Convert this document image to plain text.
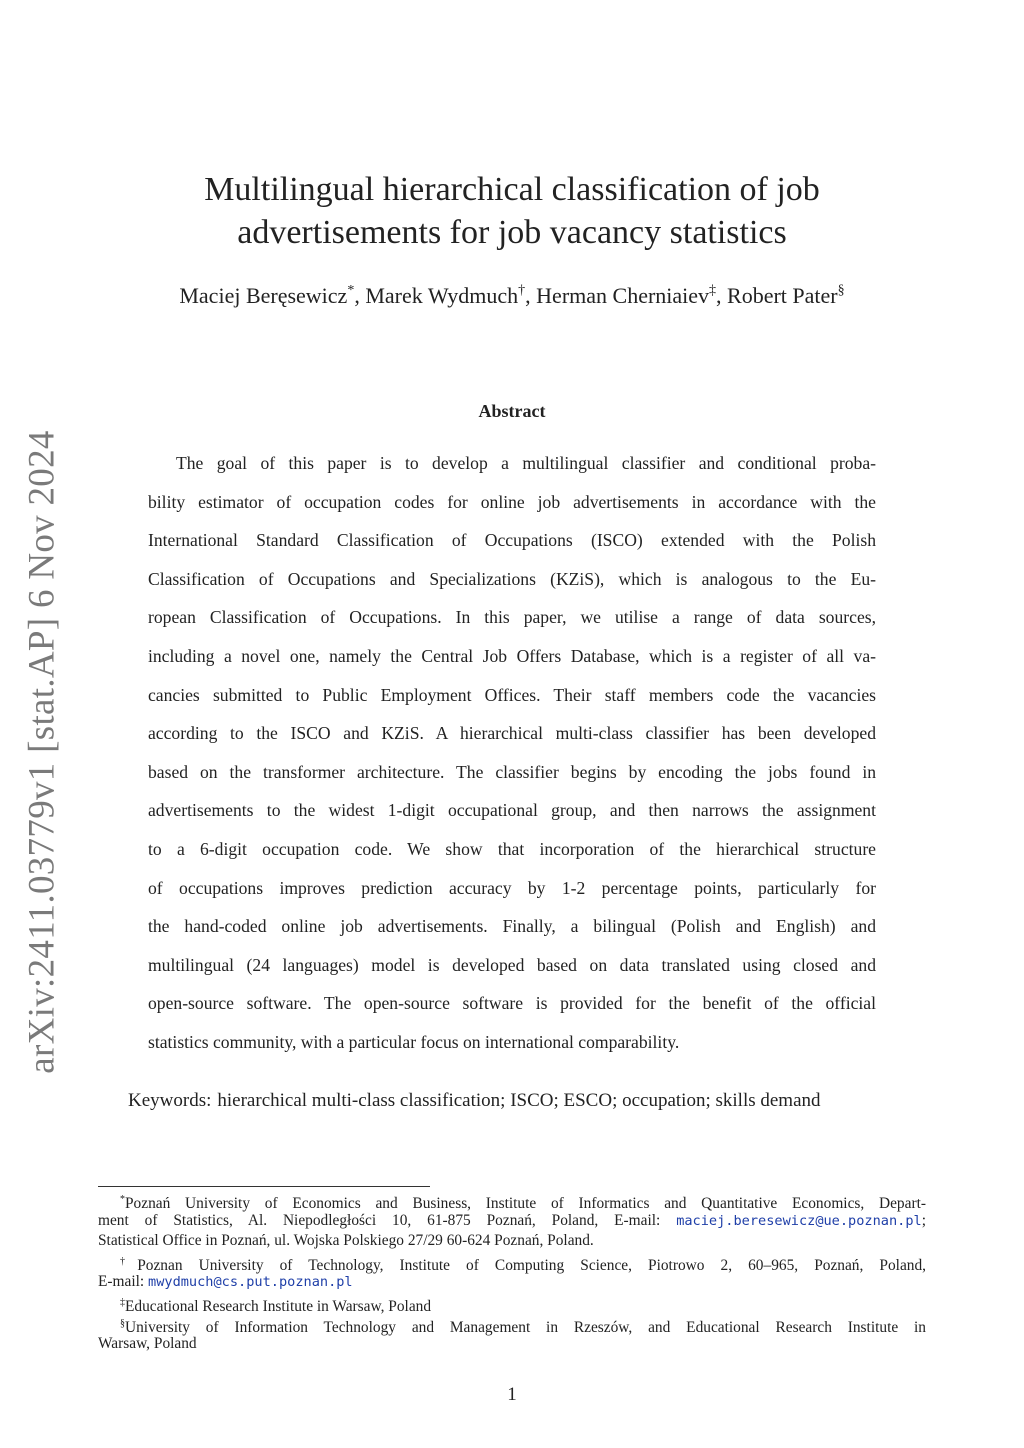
arXiv:2411.03779v1 [stat.AP] 6 Nov 2024
Multilingual hierarchical classification of job
advertisements for job vacancy statistics
Maciej Beręsewicz*, Marek Wydmuch†, Herman Cherniaiev‡, Robert Pater§
Abstract
The goal of this paper is to develop a multilingual classifier and conditional proba-
bility estimator of occupation codes for online job advertisements in accordance with the
International Standard Classification of Occupations (ISCO) extended with the Polish
Classification of Occupations and Specializations (KZiS), which is analogous to the Eu-
ropean Classification of Occupations. In this paper, we utilise a range of data sources,
including a novel one, namely the Central Job Offers Database, which is a register of all va-
cancies submitted to Public Employment Offices. Their staff members code the vacancies
according to the ISCO and KZiS. A hierarchical multi-class classifier has been developed
based on the transformer architecture. The classifier begins by encoding the jobs found in
advertisements to the widest 1-digit occupational group, and then narrows the assignment
to a 6-digit occupation code. We show that incorporation of the hierarchical structure
of occupations improves prediction accuracy by 1-2 percentage points, particularly for
the hand-coded online job advertisements. Finally, a bilingual (Polish and English) and
multilingual (24 languages) model is developed based on data translated using closed and
open-source software. The open-source software is provided for the benefit of the official
statistics community, with a particular focus on international comparability.
Keywords: hierarchical multi-class classification; ISCO; ESCO; occupation; skills demand
*Poznań University of Economics and Business, Institute of Informatics and Quantitative Economics, Depart-
ment of Statistics, Al. Niepodległości 10, 61-875 Poznań, Poland, E-mail: maciej.beresewicz@ue.poznan.pl;
Statistical Office in Poznań, ul. Wojska Polskiego 27/29 60-624 Poznań, Poland.
†Poznan University of Technology, Institute of Computing Science, Piotrowo 2, 60–965, Poznań, Poland,
E-mail: mwydmuch@cs.put.poznan.pl
‡Educational Research Institute in Warsaw, Poland
§University of Information Technology and Management in Rzeszów, and Educational Research Institute in
Warsaw, Poland
1
